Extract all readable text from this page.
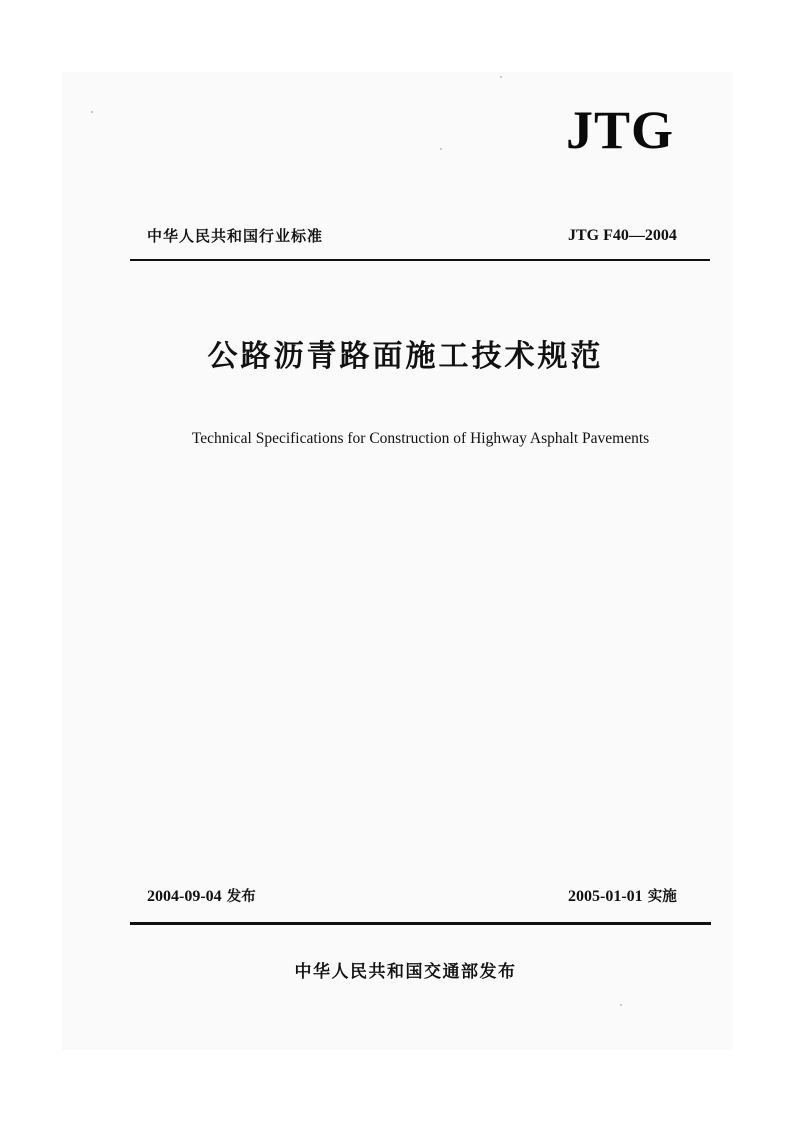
JTG
中华人民共和国行业标准	JTG F40—2004
公路沥青路面施工技术规范
Technical Specifications for Construction of Highway Asphalt Pavements
2004-09-04 发布	2005-01-01 实施
中华人民共和国交通部发布
